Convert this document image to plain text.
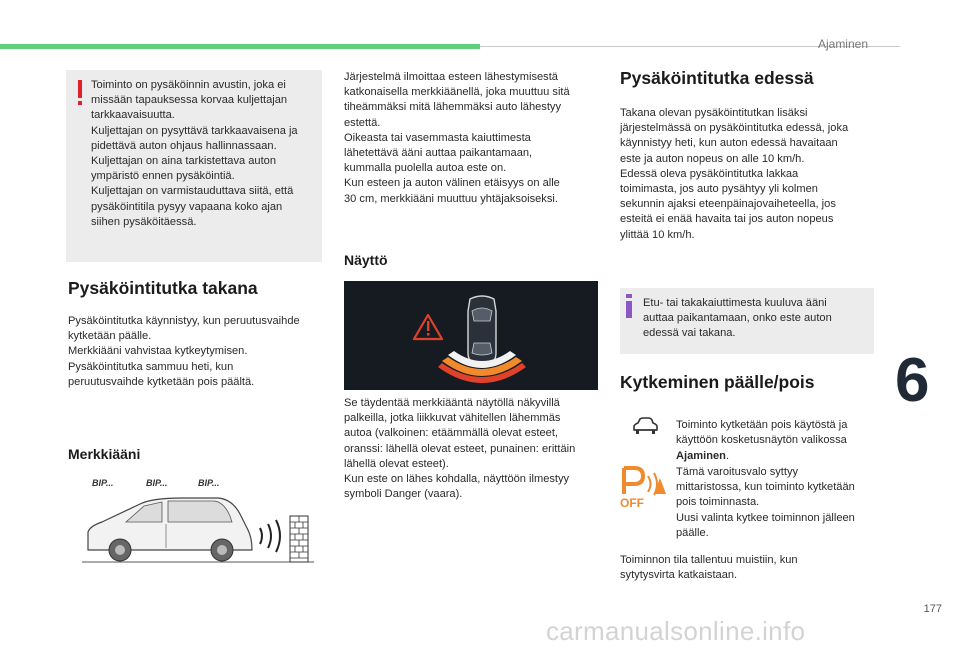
Ajaminen
6
Toiminto on pysäköinnin avustin, joka ei
missään tapauksessa korvaa kuljettajan
tarkkaavaisuutta.
Kuljettajan on pysyttävä tarkkaavaisena ja
pidettävä auton ohjaus hallinnassaan.
Kuljettajan on aina tarkistettava auton
ympäristö ennen pysäköintiä.
Kuljettajan on varmistauduttava siitä, että
pysäköintitila pysyy vapaana koko ajan
siihen pysäköitäessä.
Pysäköintitutka takana
Pysäköintitutka käynnistyy, kun peruutusvaihde
kytketään päälle.
Merkkiääni vahvistaa kytkeytymisen.
Pysäköintitutka sammuu heti, kun
peruutusvaihde kytketään pois päältä.
Merkkiääni
BIP...	BIP...	BIP...
Järjestelmä ilmoittaa esteen lähestymisestä
katkonaisella merkkiäänellä, joka muuttuu sitä
tiheämmäksi mitä lähemmäksi auto lähestyy
estettä.
Oikeasta tai vasemmasta kaiuttimesta
lähetettävä ääni auttaa paikantamaan,
kummalla puolella autoa este on.
Kun esteen ja auton välinen etäisyys on alle
30 cm, merkkiääni muuttuu yhtäjaksoiseksi.
Näyttö
Se täydentää merkkiääntä näytöllä näkyvillä
palkeilla, jotka liikkuvat vähitellen lähemmäs
autoa (valkoinen: etäämmällä olevat esteet,
oranssi: lähellä olevat esteet, punainen: erittäin
lähellä olevat esteet).
Kun este on lähes kohdalla, näyttöön ilmestyy
symboli Danger (vaara).
Pysäköintitutka edessä
Takana olevan pysäköintitutkan lisäksi
järjestelmässä on pysäköintitutka edessä, joka
käynnistyy heti, kun auton edessä havaitaan
este ja auton nopeus on alle 10 km/h.
Edessä oleva pysäköintitutka lakkaa
toimimasta, jos auto pysähtyy yli kolmen
sekunnin ajaksi eteenpäinajovaiheteella, jos
esteitä ei enää havaita tai jos auton nopeus
ylittää 10 km/h.
Etu- tai takakaiuttimesta kuuluva ääni
auttaa paikantamaan, onko este auton
edessä vai takana.
Kytkeminen päälle/pois

Toiminto kytketään pois käytöstä ja
käyttöön kosketusnäytön valikossa
Ajaminen.

OFF
Tämä varoitusvalo syttyy
mittaristossa, kun toiminto kytketään
pois toiminnasta.
Uusi valinta kytkee toiminnon jälleen
päälle.
Toiminnon tila tallentuu muistiin, kun
sytytysvirta katkaistaan.
177
carmanualsonline.info
